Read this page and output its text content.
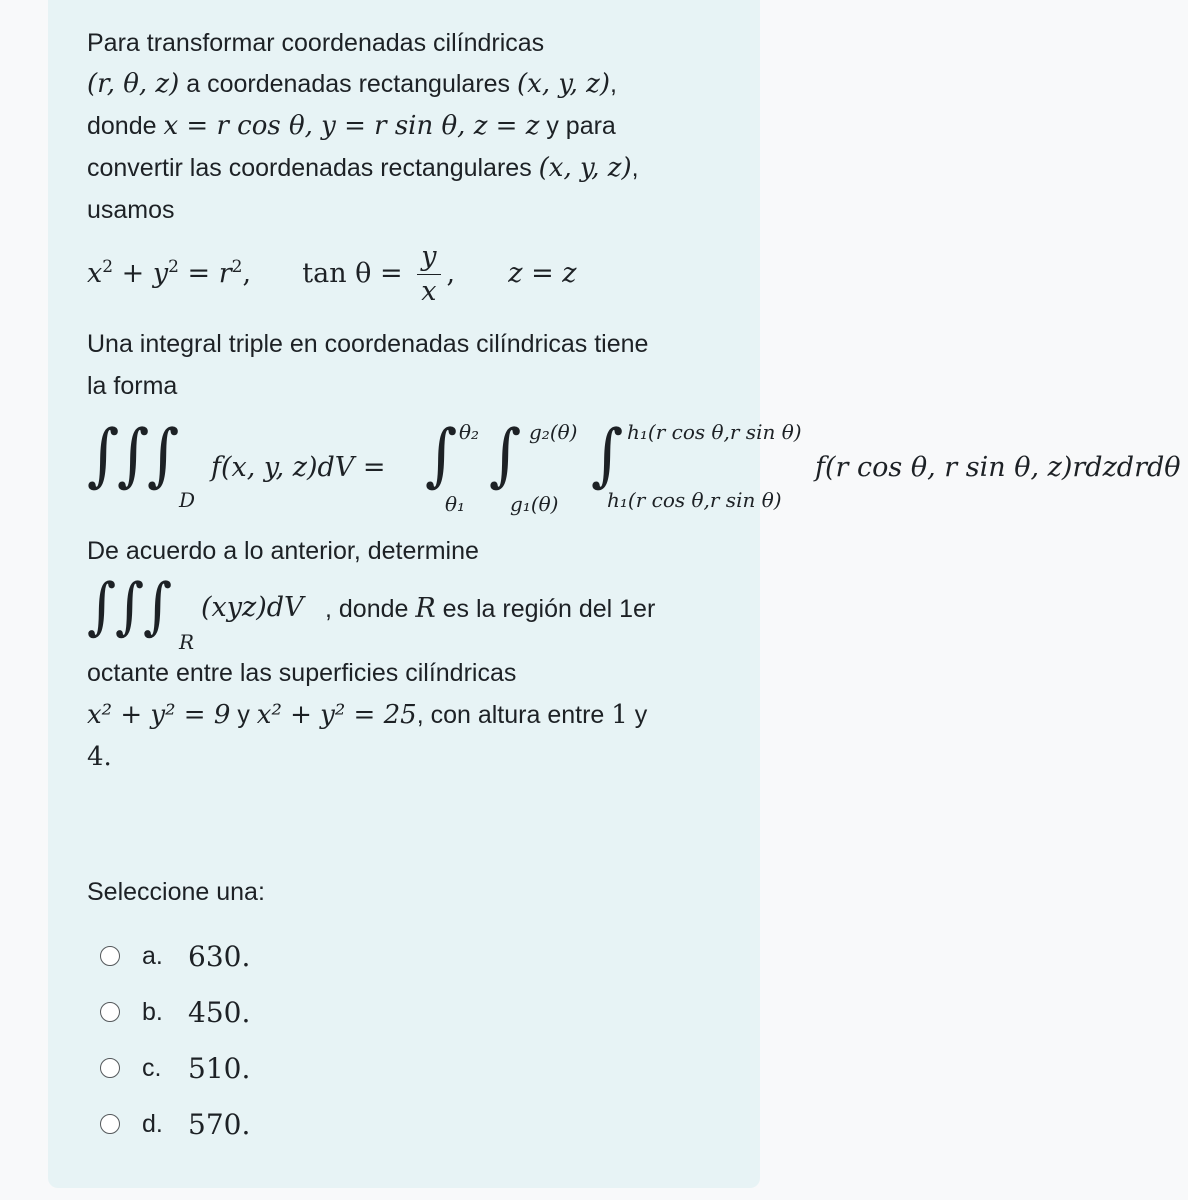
Para transformar coordenadas cilíndricas
(r, θ, z) a coordenadas rectangulares (x, y, z),
donde x = r cos θ, y = r sin θ, z = z y para
convertir las coordenadas rectangulares (x, y, z),
usamos
$x^2 + y^2 = r^2$, $\tan \theta = \frac{y}{x}$ , z = z
Una integral triple en coordenadas cilíndricas tiene
la forma
∫
∫
∫
D
f(x, y, z)dV = ∫ θ₂
θ₁
∫ g₂(θ)
g₁(θ)
∫ h₁(r cos θ,r sin θ)
h₁(r cos θ,r sin θ)
f(r cos θ, r sin θ, z)rdzdrdθ
De acuerdo a lo anterior, determine
∫
∫
∫ R
(xyz)dV , donde R es la región del 1er
octante entre las superficies cilíndricas
x² + y² = 9 y x² + y² = 25, con altura entre 1 y
4.
Seleccione una:
a. 630.
b. 450.
c. 510.
d. 570.
